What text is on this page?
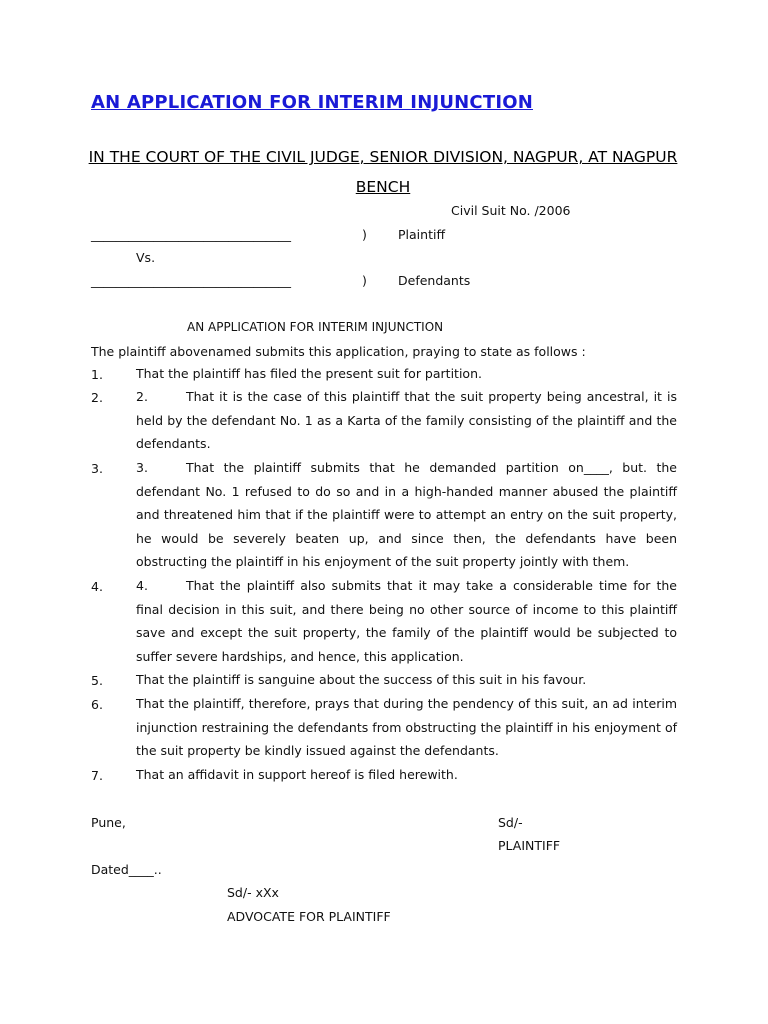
AN APPLICATION FOR INTERIM INJUNCTION

IN THE COURT OF THE CIVIL JUDGE, SENIOR DIVISION, NAGPUR, AT NAGPUR BENCH

Civil Suit No. /2006

________________________________	) Plaintiff

Vs.

________________________________	) Defendants

AN APPLICATION FOR INTERIM INJUNCTION

The plaintiff abovenamed submits this application, praying to state as follows :

1.	That the plaintiff has filed the present suit for partition.

2.	2.	That it is the case of this plaintiff that the suit property being ancestral, it is held by the defendant No. 1 as a Karta of the family consisting of the plaintiff and the defendants.

3.	3.	That the plaintiff submits that he demanded partition on____, but. the defendant No. 1 refused to do so and in a high-handed manner abused the plaintiff and threatened him that if the plaintiff were to attempt an entry on the suit property, he would be severely beaten up, and since then, the defendants have been obstructing the plaintiff in his enjoyment of the suit property jointly with them.

4.	4.	That the plaintiff also submits that it may take a considerable time for the final decision in this suit, and there being no other source of income to this plaintiff save and except the suit property, the family of the plaintiff would be subjected to suffer severe hardships, and hence, this application.

5.	That the plaintiff is sanguine about the success of this suit in his favour.

6.	That the plaintiff, therefore, prays that during the pendency of this suit, an ad interim injunction restraining the defendants from obstructing the plaintiff in his enjoyment of the suit property be kindly issued against the defendants.

7.	That an affidavit in support hereof is filed herewith.

Pune,	Sd/-

PLAINTIFF

Dated____..

Sd/- xXx

ADVOCATE FOR PLAINTIFF
